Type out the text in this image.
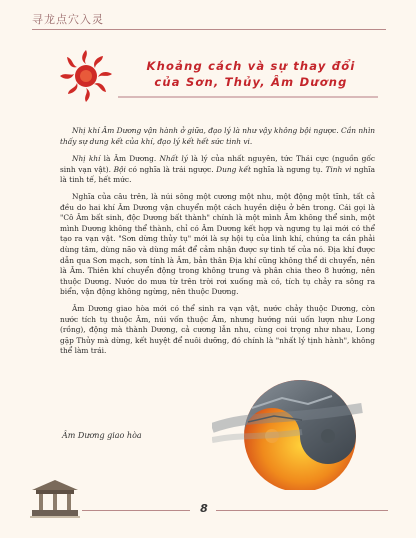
寻龙点穴入灵
Khoảng cách và sự thay đổi
của Sơn, Thủy, Âm Dương

Nhị khí Âm Dương vận hành ở giữa, đạo lý là như vậy không bội ngược. Cần nhìn thấy sự dung kết của khí, đạo lý kết hết sức tinh vi.

Nhị khí là Âm Dương. Nhất lý là lý của nhất nguyên, tức Thái cực (nguồn gốc sinh vạn vật). Bội có nghĩa là trái ngược. Dung kết nghĩa là ngưng tụ. Tinh vi nghĩa là tinh tế, hết mức.

Nghĩa của câu trên, là núi sông một cương một nhu, một động một tĩnh, tất cả đều do hai khí Âm Dương vận chuyển một cách huyền diệu ở bên trong. Cái gọi là "Cô Âm bất sinh, độc Dương bất thành" chính là một mình Âm không thể sinh, một mình Dương không thể thành, chỉ có Âm Dương kết hợp và ngưng tụ lại mới có thể tạo ra vạn vật. "Sơn dừng thủy tụ" mới là sự hội tụ của linh khí, chúng ta cần phải dùng tâm, dùng não và dùng mắt để cảm nhận được sự tinh tế của nó. Địa khí được dẫn qua Sơn mạch, sơn tính là Âm, bản thân Địa khí cũng không thể di chuyển, nên là Âm. Thiên khí chuyển động trong không trung và phân chia theo 8 hướng, nên thuộc Dương. Nước do mưa từ trên trời rơi xuống mà có, tích tụ chảy ra sông ra biển, vận động không ngừng, nên thuộc Dương.

Âm Dương giao hòa mới có thể sinh ra vạn vật, nước chảy thuộc Dương, còn nước tích tụ thuộc Âm, núi vốn thuộc Âm, nhưng hướng núi uốn lượn như Long (rồng), động mà thành Dương, cả cương lẫn nhu, cùng coi trọng như nhau, Long gặp Thủy mà dừng, kết huyệt để nuôi dưỡng, đó chính là "nhất lý tịnh hành", không thể làm trái.

Âm Dương giao hòa
8
